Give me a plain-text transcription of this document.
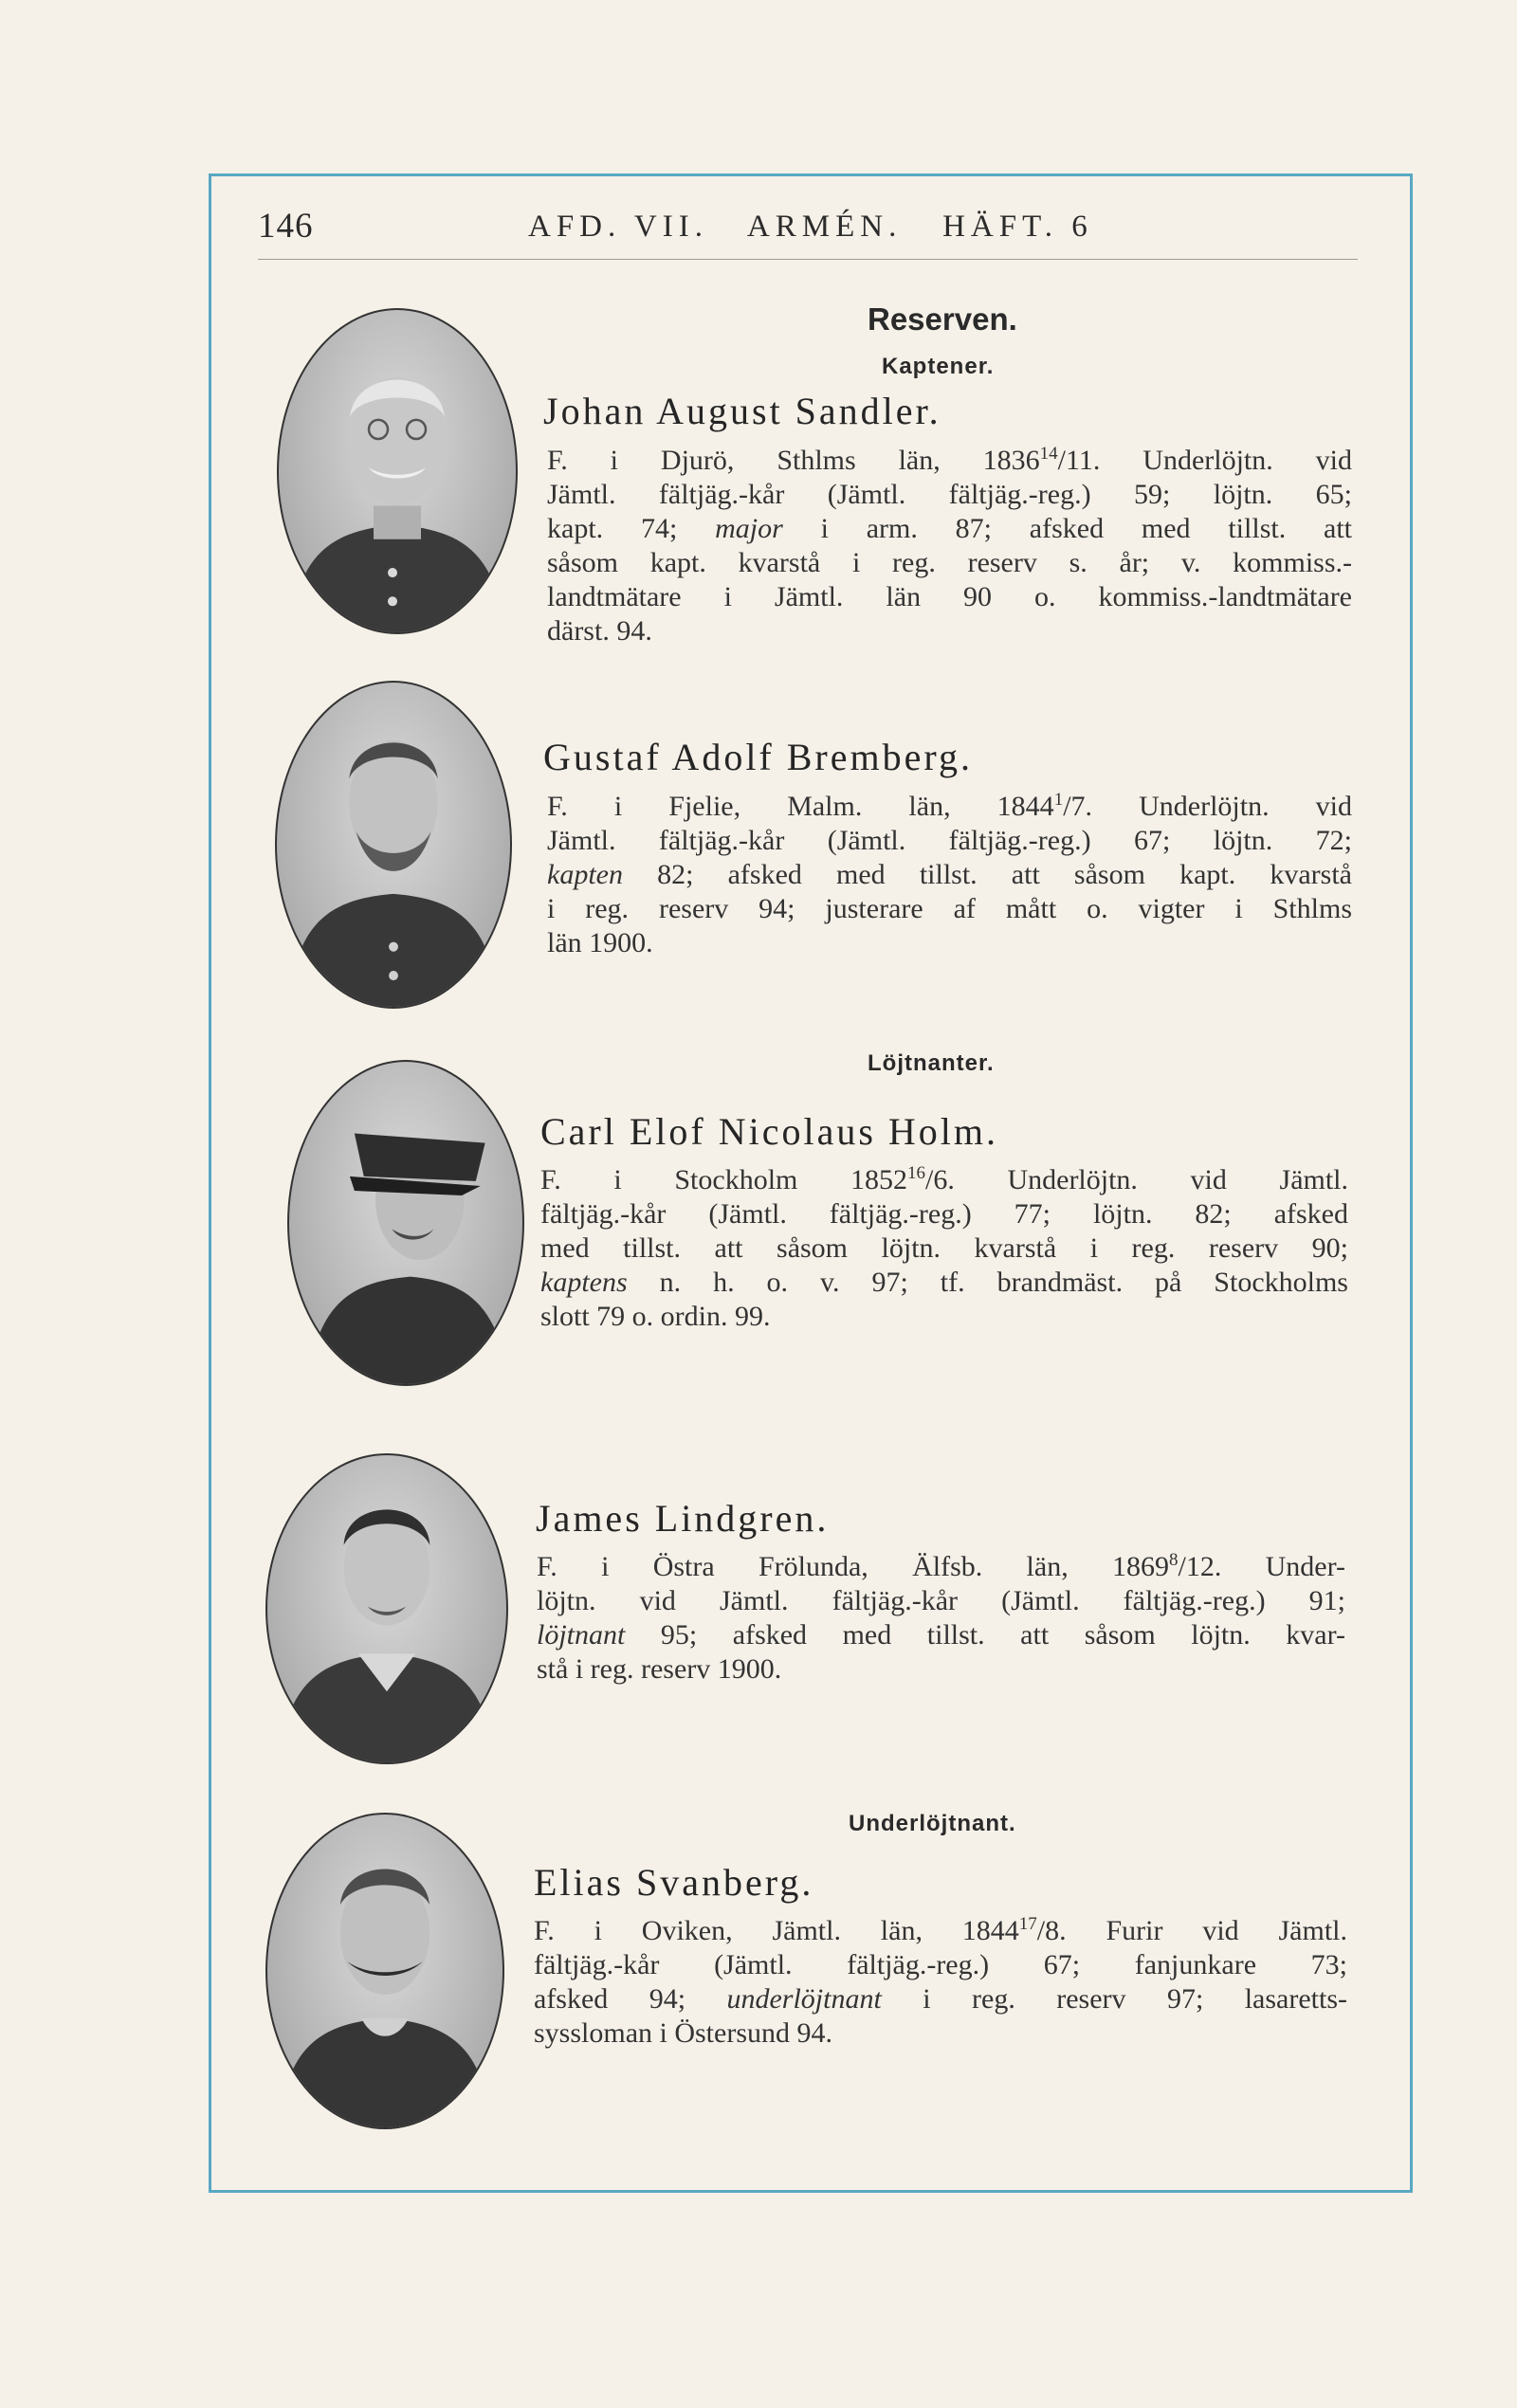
146	AFD. VII.   ARMÉN.   HÄFT. 6
Reserven.
Kaptener.
Löjtnanter.
Underlöjtnant.
Johan August Sandler.
F. i Djurö, Sthlms län, 1836$^{14}$/11. Underlöjtn. vid
Jämtl. fältjäg.-kår (Jämtl. fältjäg.-reg.) 59; löjtn. 65;
kapt. 74; major i arm. 87; afsked med tillst. att
såsom kapt. kvarstå i reg. reserv s. år; v. kommiss.-
landtmätare i Jämtl. län 90 o. kommiss.-landtmätare
därst. 94.
Gustaf Adolf Bremberg.
F. i Fjelie, Malm. län, 1844$^1$/7. Underlöjtn. vid
Jämtl. fältjäg.-kår (Jämtl. fältjäg.-reg.) 67; löjtn. 72;
kapten 82; afsked med tillst. att såsom kapt. kvarstå
i reg. reserv 94; justerare af mått o. vigter i Sthlms
län 1900.
Carl Elof Nicolaus Holm.
F. i Stockholm 1852$^{16}$/6. Underlöjtn. vid Jämtl.
fältjäg.-kår (Jämtl. fältjäg.-reg.) 77; löjtn. 82; afsked
med tillst. att såsom löjtn. kvarstå i reg. reserv 90;
kaptens n. h. o. v. 97; tf. brandmäst. på Stockholms
slott 79 o. ordin. 99.
James Lindgren.
F. i Östra Frölunda, Älfsb. län, 1869$^8$/12. Under-
löjtn. vid Jämtl. fältjäg.-kår (Jämtl. fältjäg.-reg.) 91;
löjtnant 95; afsked med tillst. att såsom löjtn. kvar-
stå i reg. reserv 1900.
Elias Svanberg.
F. i Oviken, Jämtl. län, 1844$^{17}$/8. Furir vid Jämtl.
fältjäg.-kår (Jämtl. fältjäg.-reg.) 67; fanjunkare 73;
afsked 94; underlöjtnant i reg. reserv 97; lasaretts-
syssloman i Östersund 94.
